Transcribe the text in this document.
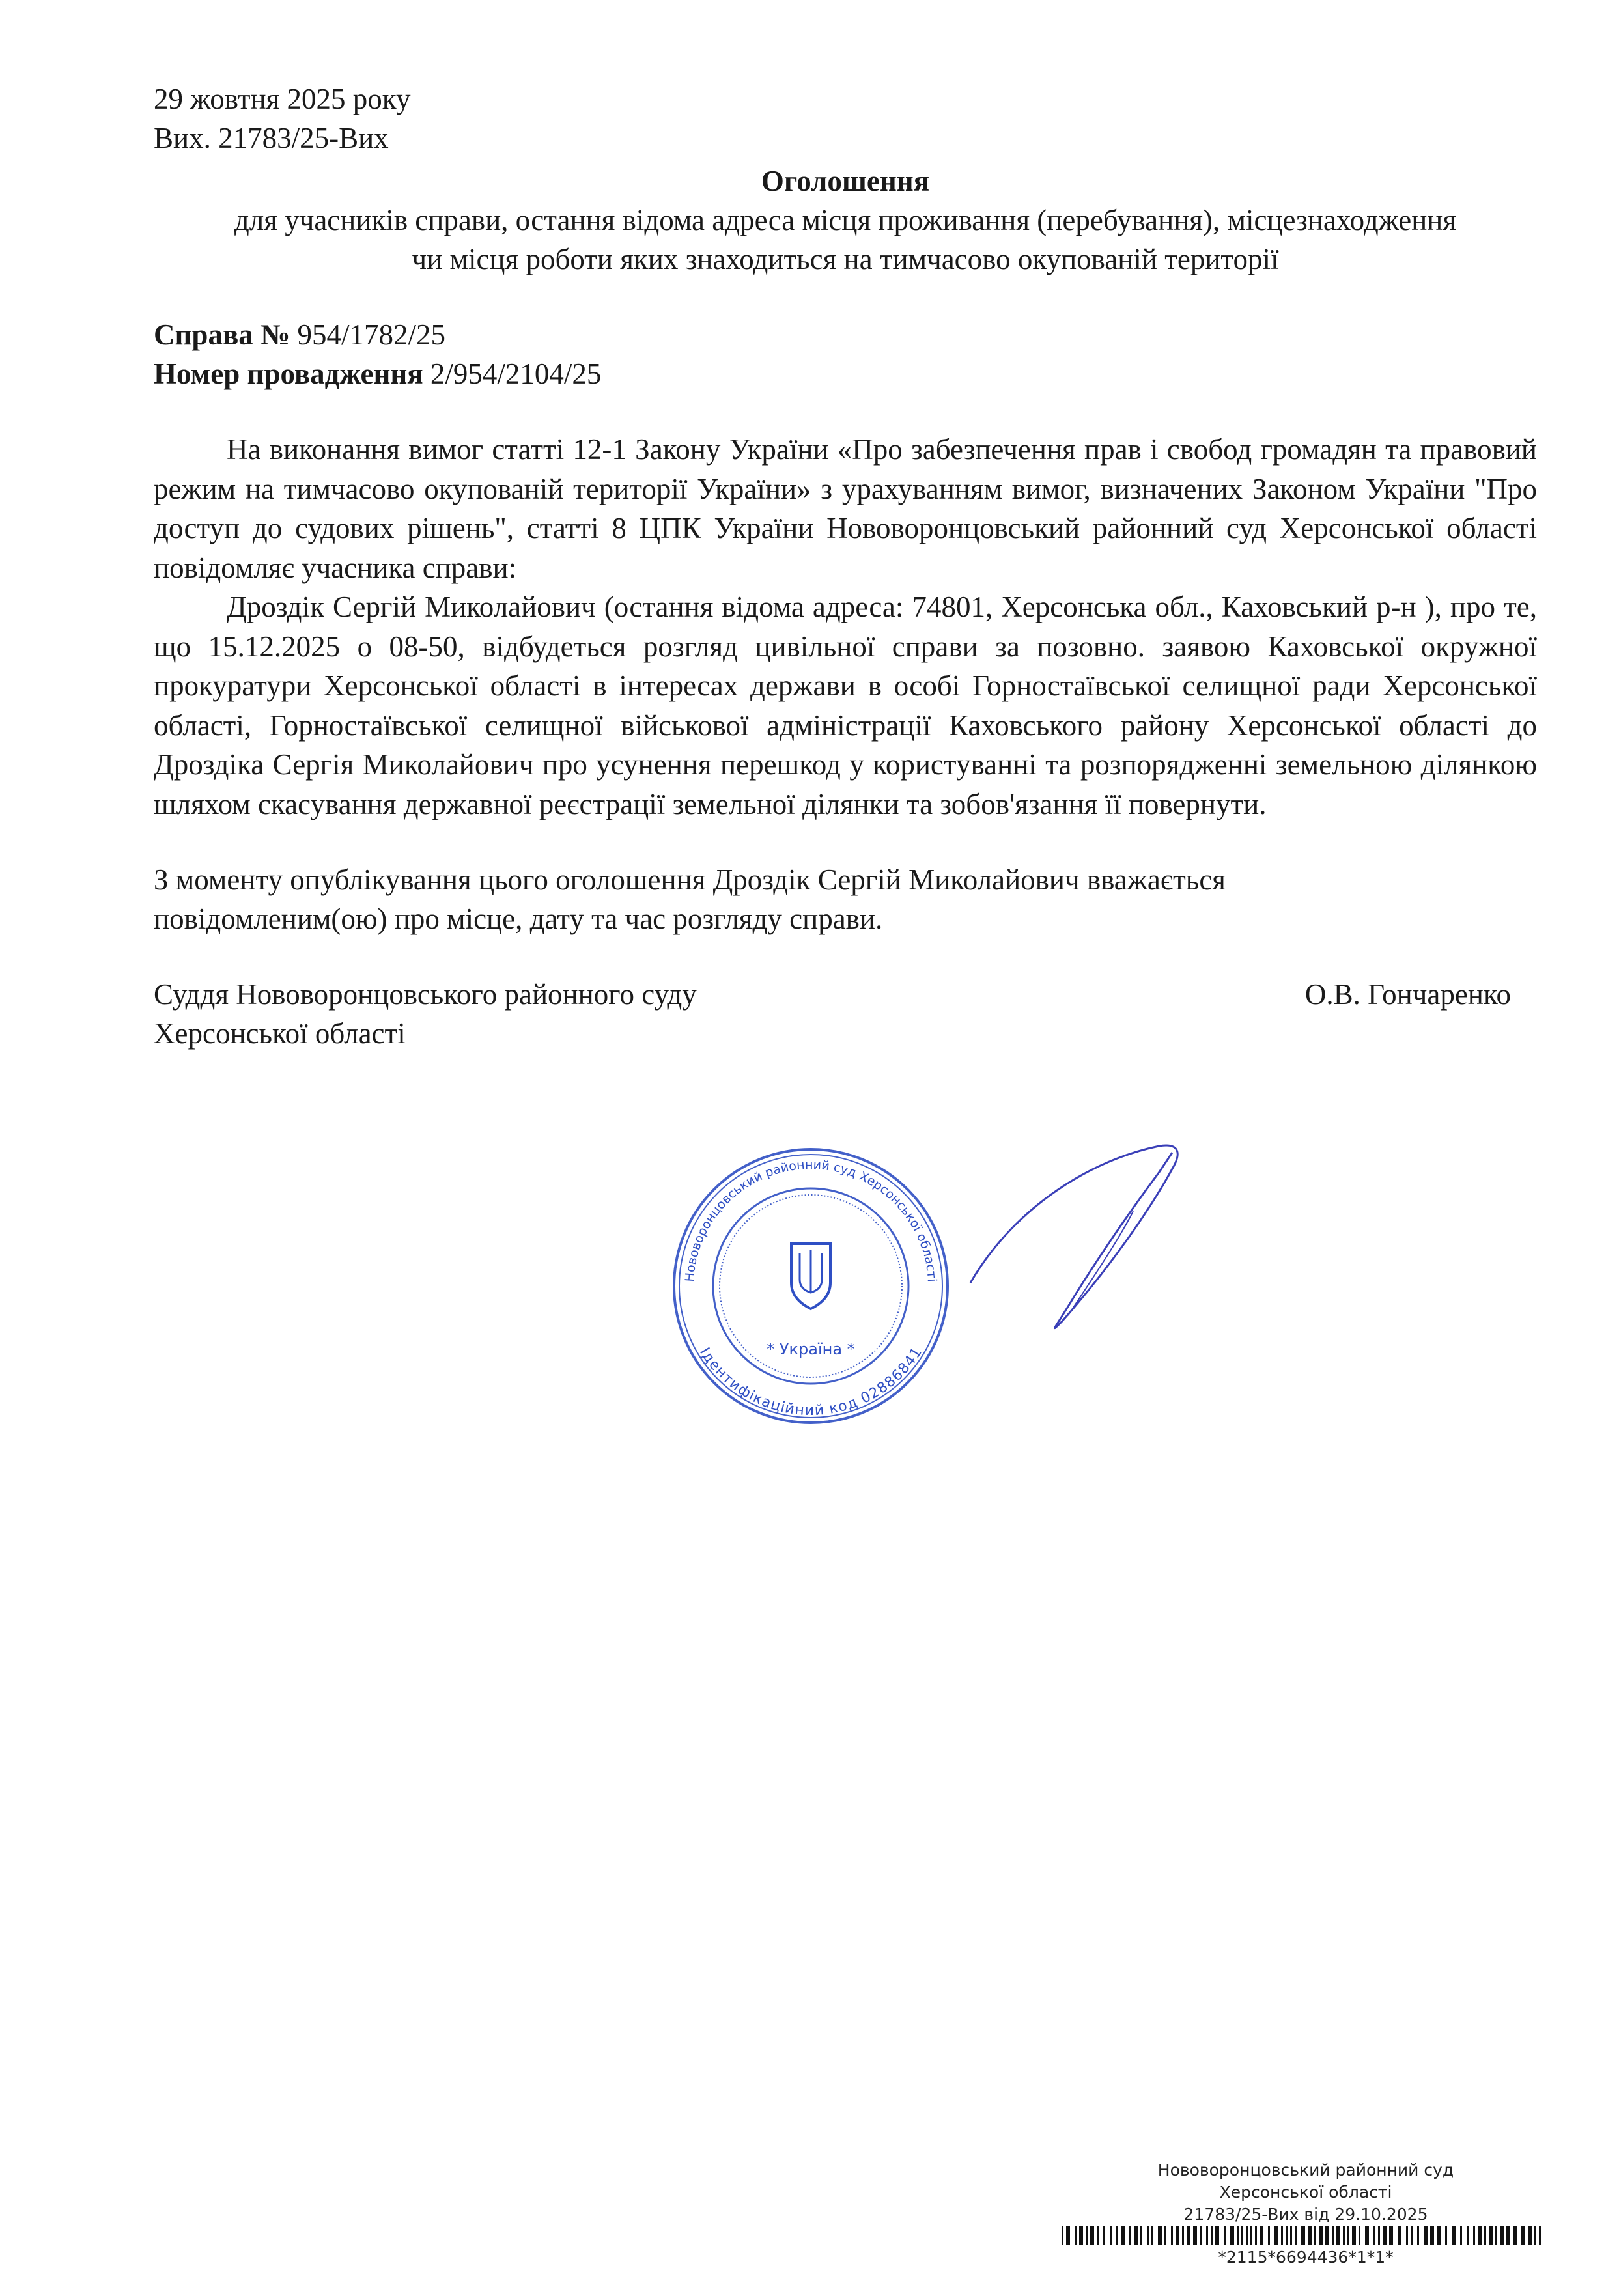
29 жовтня 2025 року
Вих. 21783/25-Вих
Оголошення
для учасників справи, остання відома адреса місця проживання (перебування), місцезнаходження
чи місця роботи яких знаходиться на тимчасово окупованій території
Справа № 954/1782/25
Номер провадження 2/954/2104/25

На виконання вимог статті 12-1 Закону України «Про забезпечення прав і свобод громадян та правовий режим на тимчасово окупованій території України» з урахуванням вимог, визначених Законом України "Про доступ до судових рішень", статті 8 ЦПК України Нововоронцовський районний суд Херсонської області повідомляє учасника справи:

Дроздік Сергій Миколайович (остання відома адреса: 74801, Херсонська обл., Каховський р-н ), про те, що 15.12.2025 о 08-50, відбудеться розгляд цивільної справи за позовно. заявою Каховської окружної прокуратури Херсонської області в інтересах держави в особі Горностаївської селищної ради Херсонської області, Горностаївської селищної військової адміністрації Каховського району Херсонської області до Дроздіка Сергія Миколайович про усунення перешкод у користуванні та розпорядженні земельною ділянкою шляхом скасування державної реєстрації земельної ділянки та зобов'язання її повернути.

З моменту опублікування цього оголошення Дроздік Сергій Миколайович вважається
повідомленим(ою) про місце, дату та час розгляду справи.
Суддя Нововоронцовського районного суду	О.В. Гончаренко
Херсонської області
Нововоронцовський районний суд Херсонської області
Ідентифікаційний код 02886841
* Україна *
Нововоронцовський районний суд
Херсонської області
21783/25-Вих від 29.10.2025
*2115*6694436*1*1*
